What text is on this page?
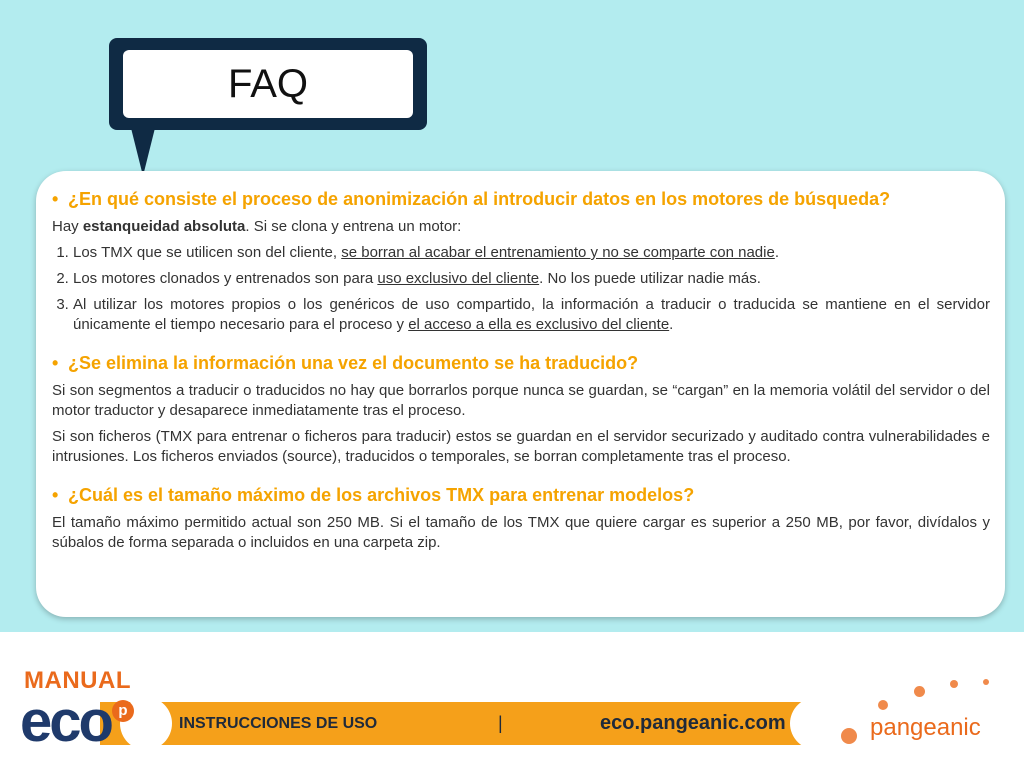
FAQ
• ¿En qué consiste el proceso de anonimización al introducir datos en los motores de búsqueda?

Hay estanqueidad absoluta. Si se clona y entrena un motor:

1. Los TMX que se utilicen son del cliente, se borran al acabar el entrenamiento y no se comparte con nadie.
2. Los motores clonados y entrenados son para uso exclusivo del cliente. No los puede utilizar nadie más.
3. Al utilizar los motores propios o los genéricos de uso compartido, la información a traducir o traducida se mantiene en el servidor únicamente el tiempo necesario para el proceso y el acceso a ella es exclusivo del cliente.
• ¿Se elimina la información una vez el documento se ha traducido?

Si son segmentos a traducir o traducidos no hay que borrarlos porque nunca se guardan, se “cargan” en la memoria volátil del servidor o del motor traductor y desaparece inmediatamente tras el proceso.

Si son ficheros (TMX para entrenar o ficheros para traducir) estos se guardan en el servidor securizado y auditado contra vulnerabilidades e intrusiones. Los ficheros enviados (source), traducidos o temporales, se borran completamente tras el proceso.

• ¿Cuál es el tamaño máximo de los archivos TMX para entrenar modelos?

El tamaño máximo permitido actual son 250 MB. Si el tamaño de los TMX que quiere cargar es superior a 250 MB, por favor, divídalos y súbalos de forma separada o incluidos en una carpeta zip.

MANUAL
eco p
INSTRUCCIONES DE USO	|	eco.pangeanic.com	pangeanic
